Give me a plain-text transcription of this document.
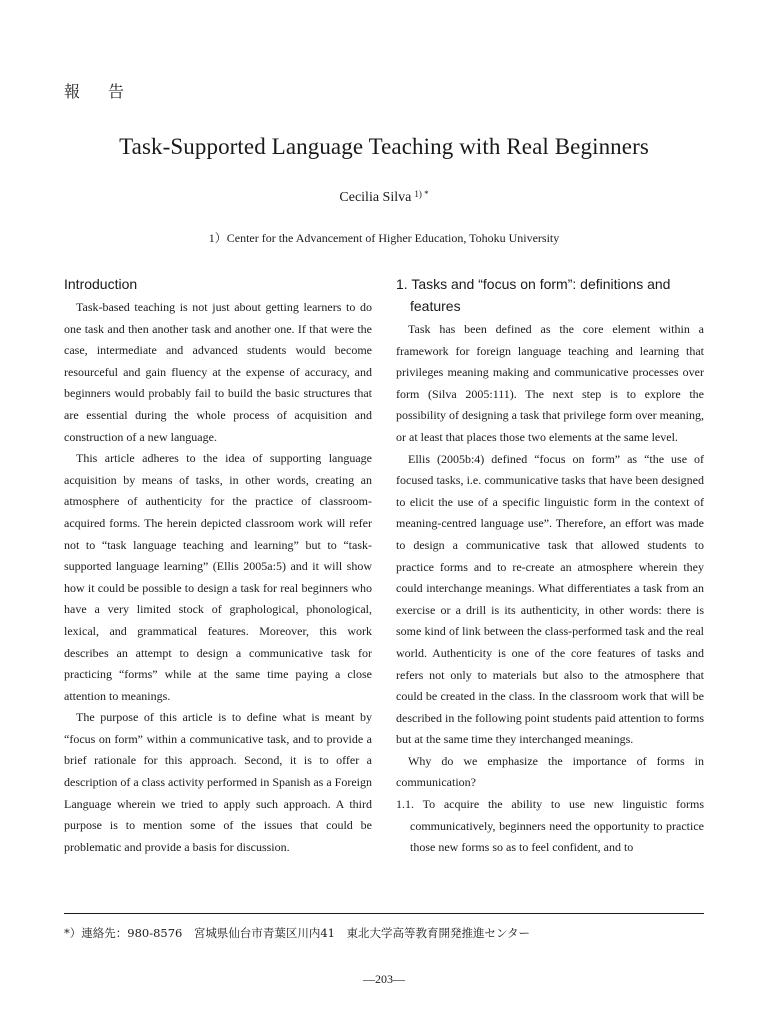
報告
Task-Supported Language Teaching with Real Beginners
Cecilia Silva $^{1) *}$
1）Center for the Advancement of Higher Education, Tohoku University
Introduction

Task-based teaching is not just about getting learners to do one task and then another task and another one. If that were the case, intermediate and advanced students would become resourceful and gain fluency at the expense of accuracy, and beginners would probably fail to build the basic structures that are essential during the whole process of acquisition and construction of a new language.

This article adheres to the idea of supporting language acquisition by means of tasks, in other words, creating an atmosphere of authenticity for the practice of classroom-acquired forms. The herein depicted classroom work will refer not to “task language teaching and learning” but to “task-supported language learning” (Ellis 2005a:5) and it will show how it could be possible to design a task for real beginners who have a very limited stock of graphological, phonological, lexical, and grammatical features. Moreover, this work describes an attempt to design a communicative task for practicing “forms” while at the same time paying a close attention to meanings.

The purpose of this article is to define what is meant by “focus on form” within a communicative task, and to provide a brief rationale for this approach. Second, it is to offer a description of a class activity performed in Spanish as a Foreign Language wherein we tried to apply such approach. A third purpose is to mention some of the issues that could be problematic and provide a basis for discussion.

1. Tasks and “focus on form”: definitions and features

Task has been defined as the core element within a framework for foreign language teaching and learning that privileges meaning making and communicative processes over form (Silva 2005:111). The next step is to explore the possibility of designing a task that privilege form over meaning, or at least that places those two elements at the same level.

Ellis (2005b:4) defined “focus on form” as “the use of focused tasks, i.e. communicative tasks that have been designed to elicit the use of a specific linguistic form in the context of meaning-centred language use”. Therefore, an effort was made to design a communicative task that allowed students to practice forms and to re-create an atmosphere wherein they could interchange meanings. What differentiates a task from an exercise or a drill is its authenticity, in other words: there is some kind of link between the class-performed task and the real world. Authenticity is one of the core features of tasks and refers not only to materials but also to the atmosphere that could be created in the class. In the classroom work that will be described in the following point students paid attention to forms but at the same time they interchanged meanings.

Why do we emphasize the importance of forms in communication?

1.1. To acquire the ability to use new linguistic forms communicatively, beginners need the opportunity to practice those new forms so as to feel confident, and to

*）連絡先：980-8576　宮城県仙台市青葉区川内41　東北大学高等教育開発推進センター
―203―
